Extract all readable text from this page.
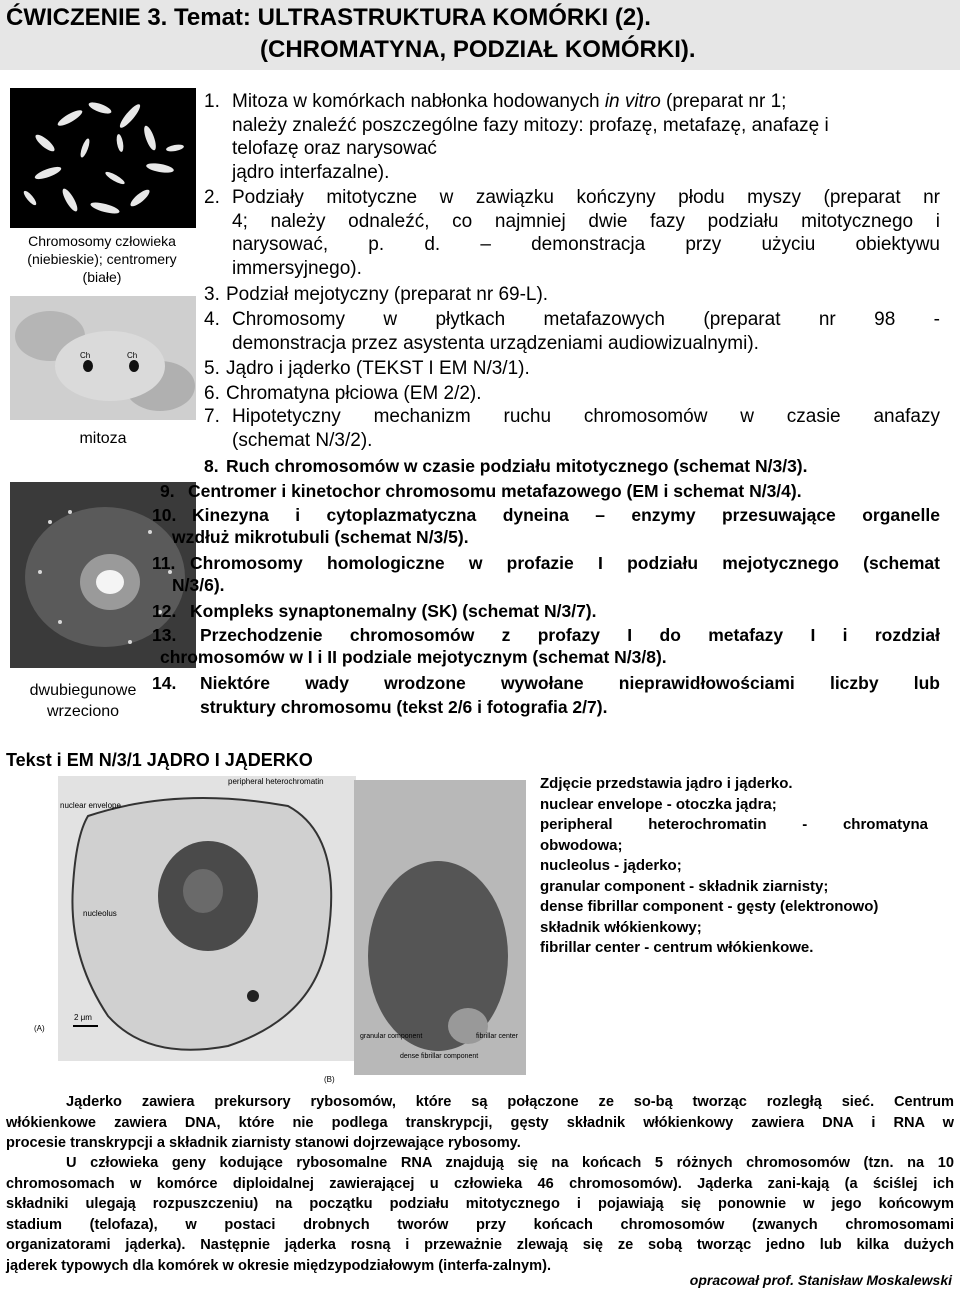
ĆWICZENIE 3. Temat: ULTRASTRUKTURA KOMÓRKI (2).
(CHROMATYNA, PODZIAŁ KOMÓRKI).
Chromosomy człowieka (niebieskie); centromery (białe)
Ch	Ch
mitoza
dwubiegunowe wrzeciono
1. Mitoza w komórkach nabłonka hodowanych in vitro (preparat nr 1;
należy znaleźć poszczególne fazy mitozy: profazę, metafazę, anafazę i
telofazę oraz narysować
jądro interfazalne).
2. Podziały mitotyczne w zawiązku kończyny płodu myszy (preparat nr
4; należy odnaleźć, co najmniej dwie fazy podziału mitotycznego i
narysować, p. d. – demonstracja przy użyciu obiektywu
immersyjnego).
3. Podział mejotyczny (preparat nr 69-L).
4. Chromosomy w płytkach metafazowych (preparat nr 98 -
demonstracja przez asystenta urządzeniami audiowizualnymi).
5. Jądro i jąderko (TEKST I EM N/3/1).
6. Chromatyna płciowa (EM 2/2).
7. Hipotetyczny mechanizm ruchu chromosomów w czasie anafazy
(schemat N/3/2).
8. Ruch chromosomów w czasie podziału mitotycznego (schemat N/3/3).
9. Centromer i kinetochor chromosomu metafazowego (EM i schemat N/3/4).
10. Kinezyna i cytoplazmatyczna dyneina – enzymy przesuwające organelle
wzdłuż mikrotubuli (schemat N/3/5).
11. Chromosomy homologiczne w profazie I podziału mejotycznego (schemat
N/3/6).
12. Kompleks synaptonemalny (SK) (schemat N/3/7).
13. Przechodzenie chromosomów z profazy I do metafazy I i rozdział
chromosomów w I i II podziale mejotycznym (schemat N/3/8).
14. Niektóre wady wrodzone wywołane nieprawidłowościami liczby lub
struktury chromosomu (tekst 2/6 i fotografia 2/7).
Tekst i EM N/3/1 JĄDRO I JĄDERKO
peripheral heterochromatin
nuclear envelope
nucleolus
2 μm
(A)
(B)
granular component
dense fibrillar component
fibrillar center
Zdjęcie przedstawia jądro i jąderko.
nuclear envelope - otoczka jądra;
peripheral heterochromatin - chromatyna
obwodowa;
nucleolus - jąderko;
granular component - składnik ziarnisty;
dense fibrillar component - gęsty (elektronowo)
składnik włókienkowy;
fibrillar center - centrum włókienkowe.
Jąderko zawiera prekursory rybosomów, które są połączone ze so-bą tworząc rozległą sieć. Centrum
włókienkowe zawiera DNA, które nie podlega transkrypcji, gęsty składnik włókienkowy zawiera DNA i RNA w
procesie transkrypcji a składnik ziarnisty stanowi dojrzewające rybosomy.
U człowieka geny kodujące rybosomalne RNA znajdują się na końcach 5 różnych chromosomów (tzn. na 10
chromosomach w komórce diploidalnej zawierającej u człowieka 46 chromosomów). Jąderka zani-kają (a ściślej ich
składniki ulegają rozpuszczeniu) na początku podziału mitotycznego i pojawiają się ponownie w jego końcowym
stadium (telofaza), w postaci drobnych tworów przy końcach chromosomów (zwanych chromosomami
organizatorami jąderka). Następnie jąderka rosną i przeważnie zlewają się ze sobą tworząc jedno lub kilka dużych
jąderek typowych dla komórek w okresie międzypodziałowym (interfa-zalnym).
opracował prof. Stanisław Moskalewski
